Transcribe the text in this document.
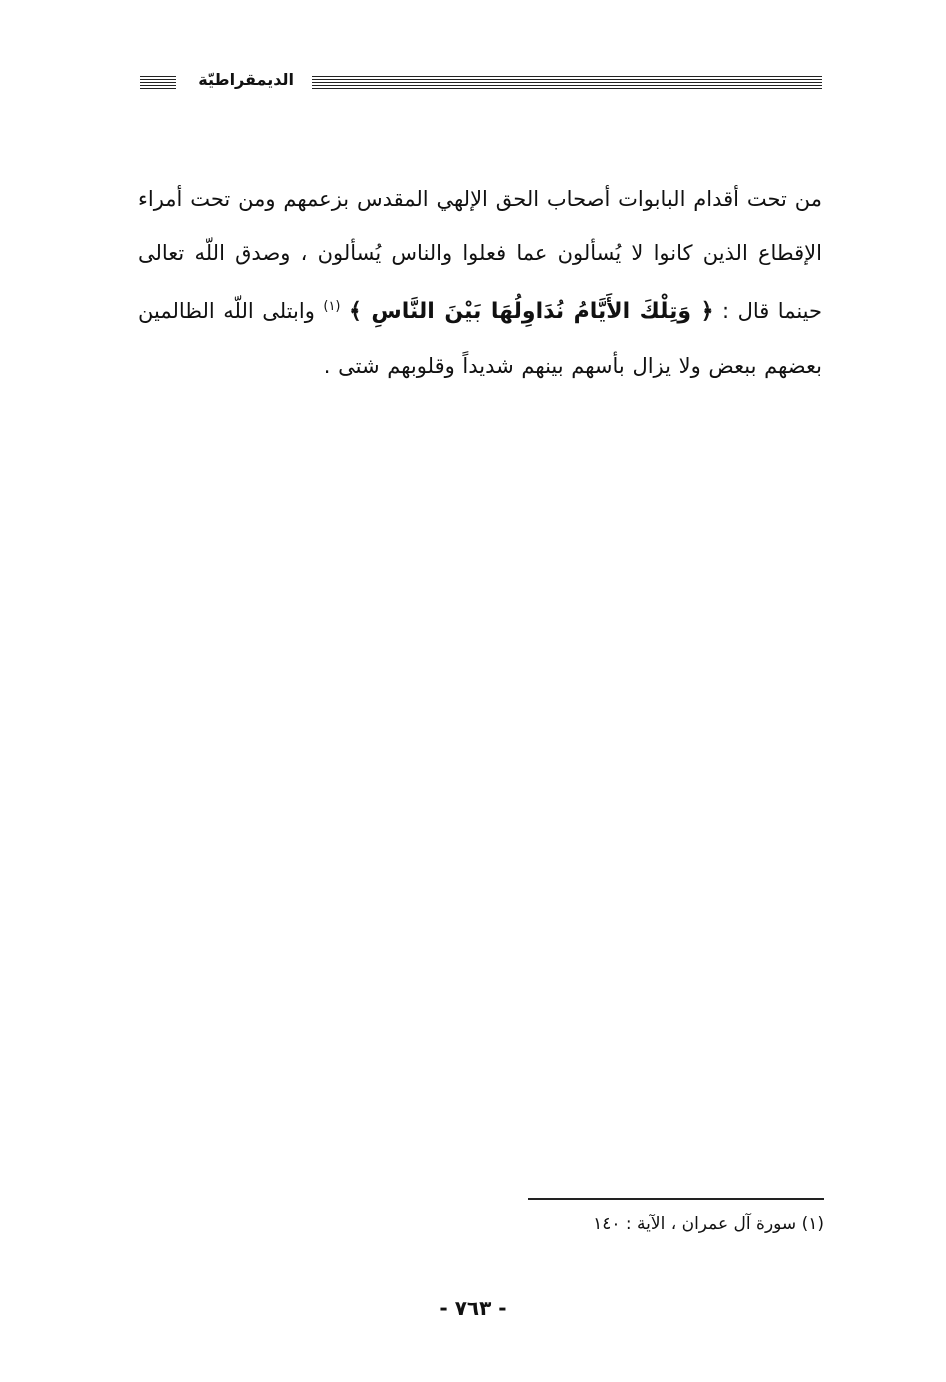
الديمقراطيّة
من تحت أقدام البابوات أصحاب الحق الإلهي المقدس بزعمهم ومن تحت أمراء الإقطاع الذين كانوا لا يُسألون عما فعلوا والناس يُسألون ، وصدق اللّه تعالى حينما قال : ﴿ وَتِلْكَ الأَيَّامُ نُدَاوِلُهَا بَيْنَ النَّاسِ ﴾ $^{(١)}$ وابتلى اللّه الظالمين بعضهم ببعض ولا يزال بأسهم بينهم شديداً وقلوبهم شتى .
(١) سورة آل عمران ، الآية : ١٤٠
- ٧٦٣ -
